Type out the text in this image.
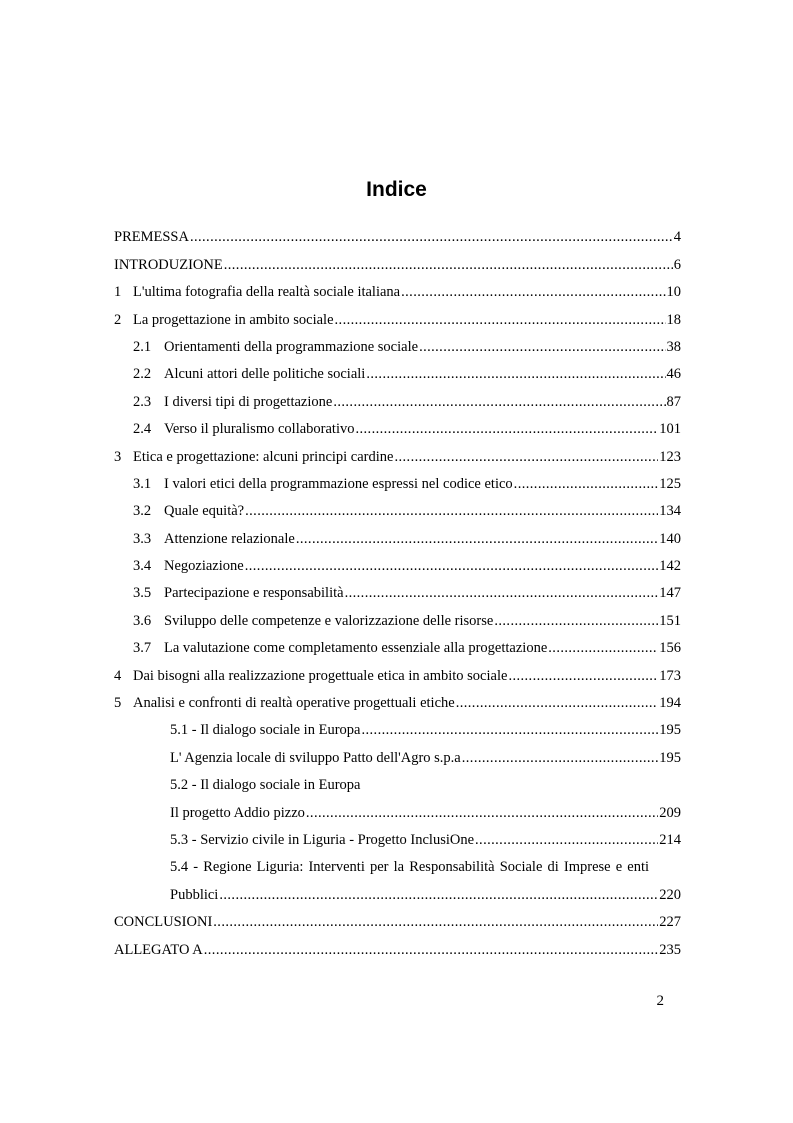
Indice
PREMESSA .....	4
INTRODUZIONE .....	6
1 L'ultima fotografia della realtà sociale italiana .....	10
2 La progettazione in ambito sociale .....	18
2.1 Orientamenti della programmazione sociale .....	38
2.2 Alcuni attori delle politiche sociali .....	46
2.3 I diversi tipi di progettazione .....	87
2.4 Verso il pluralismo collaborativo .....	101
3 Etica e progettazione: alcuni principi cardine .....	123
3.1 I valori etici della programmazione espressi nel codice etico .....	125
3.2 Quale equità? .....	134
3.3 Attenzione relazionale .....	140
3.4 Negoziazione .....	142
3.5 Partecipazione e responsabilità .....	147
3.6 Sviluppo delle competenze e valorizzazione delle risorse .....	151
3.7 La valutazione come completamento essenziale alla progettazione .....	156
4 Dai bisogni alla realizzazione progettuale etica in ambito sociale .....	173
5 Analisi e confronti di realtà operative progettuali etiche .....	194
5.1 - Il dialogo sociale in Europa .....	195
L' Agenzia locale di sviluppo Patto dell'Agro s.p.a .....	195
5.2 - Il dialogo sociale in Europa
Il progetto Addio pizzo .....	209
5.3 - Servizio civile in Liguria - Progetto InclusiOne .....	214
5.4 - Regione Liguria: Interventi per la Responsabilità Sociale di Imprese e enti
Pubblici .....	220
CONCLUSIONI .....	227
ALLEGATO A .....	235
2
